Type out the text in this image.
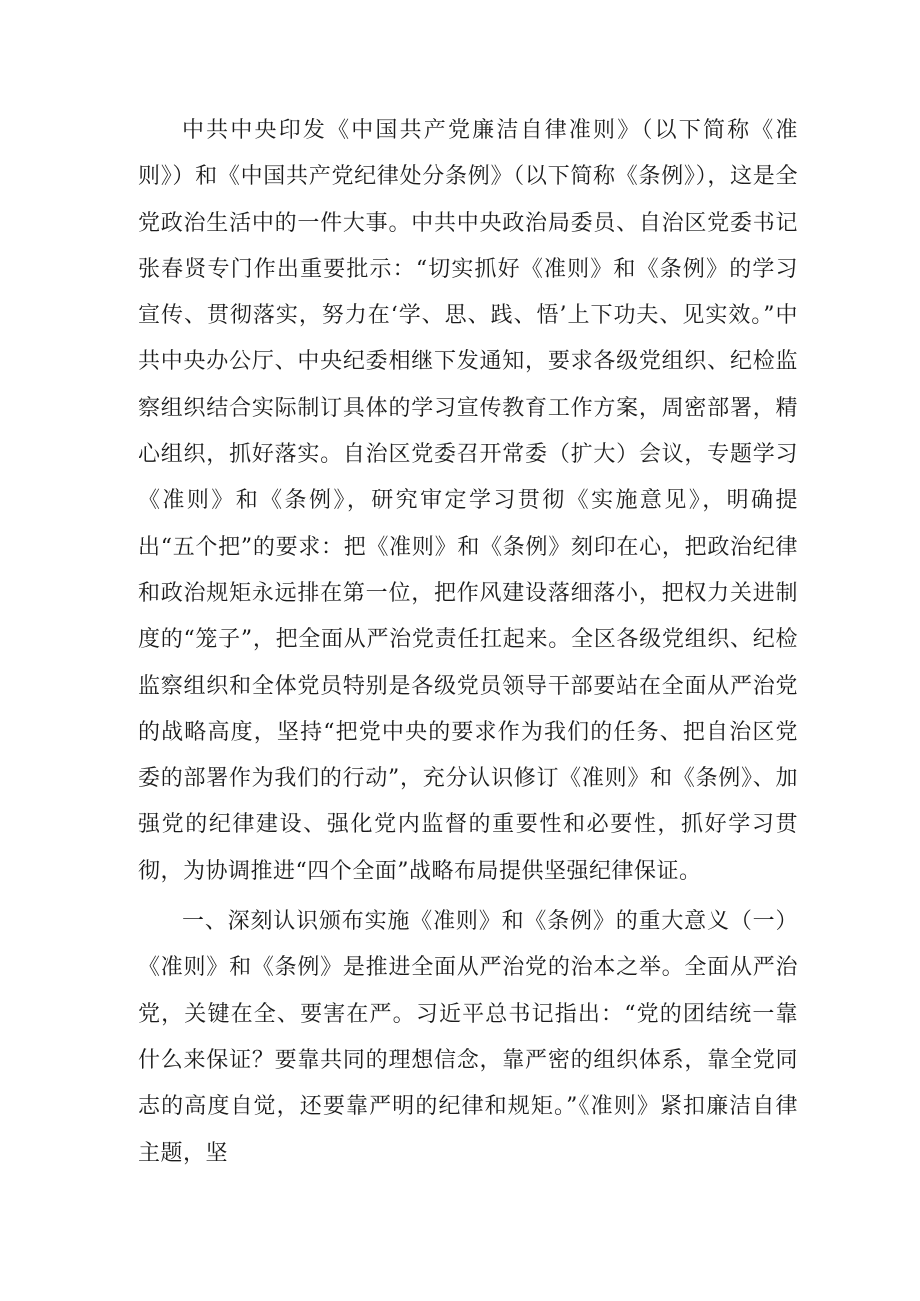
中共中央印发《中国共产党廉洁自律准则》（以下简称《准则》）和《中国共产党纪律处分条例》（以下简称《条例》），这是全党政治生活中的一件大事。中共中央政治局委员、自治区党委书记张春贤专门作出重要批示：“切实抓好《准则》和《条例》的学习宣传、贯彻落实，努力在‘学、思、践、悟’上下功夫、见实效。”中共中央办公厅、中央纪委相继下发通知，要求各级党组织、纪检监察组织结合实际制订具体的学习宣传教育工作方案，周密部署，精心组织，抓好落实。自治区党委召开常委（扩大）会议，专题学习《准则》和《条例》，研究审定学习贯彻《实施意见》，明确提出“五个把”的要求：把《准则》和《条例》刻印在心，把政治纪律和政治规矩永远排在第一位，把作风建设落细落小，把权力关进制度的“笼子”，把全面从严治党责任扛起来。全区各级党组织、纪检监察组织和全体党员特别是各级党员领导干部要站在全面从严治党的战略高度，坚持“把党中央的要求作为我们的任务、把自治区党委的部署作为我们的行动”，充分认识修订《准则》和《条例》、加强党的纪律建设、强化党内监督的重要性和必要性，抓好学习贯彻，为协调推进“四个全面”战略布局提供坚强纪律保证。

一、深刻认识颁布实施《准则》和《条例》的重大意义（一）《准则》和《条例》是推进全面从严治党的治本之举。全面从严治党，关键在全、要害在严。习近平总书记指出：“党的团结统一靠什么来保证？要靠共同的理想信念，靠严密的组织体系，靠全党同志的高度自觉，还要靠严明的纪律和规矩。”《准则》紧扣廉洁自律主题，坚
